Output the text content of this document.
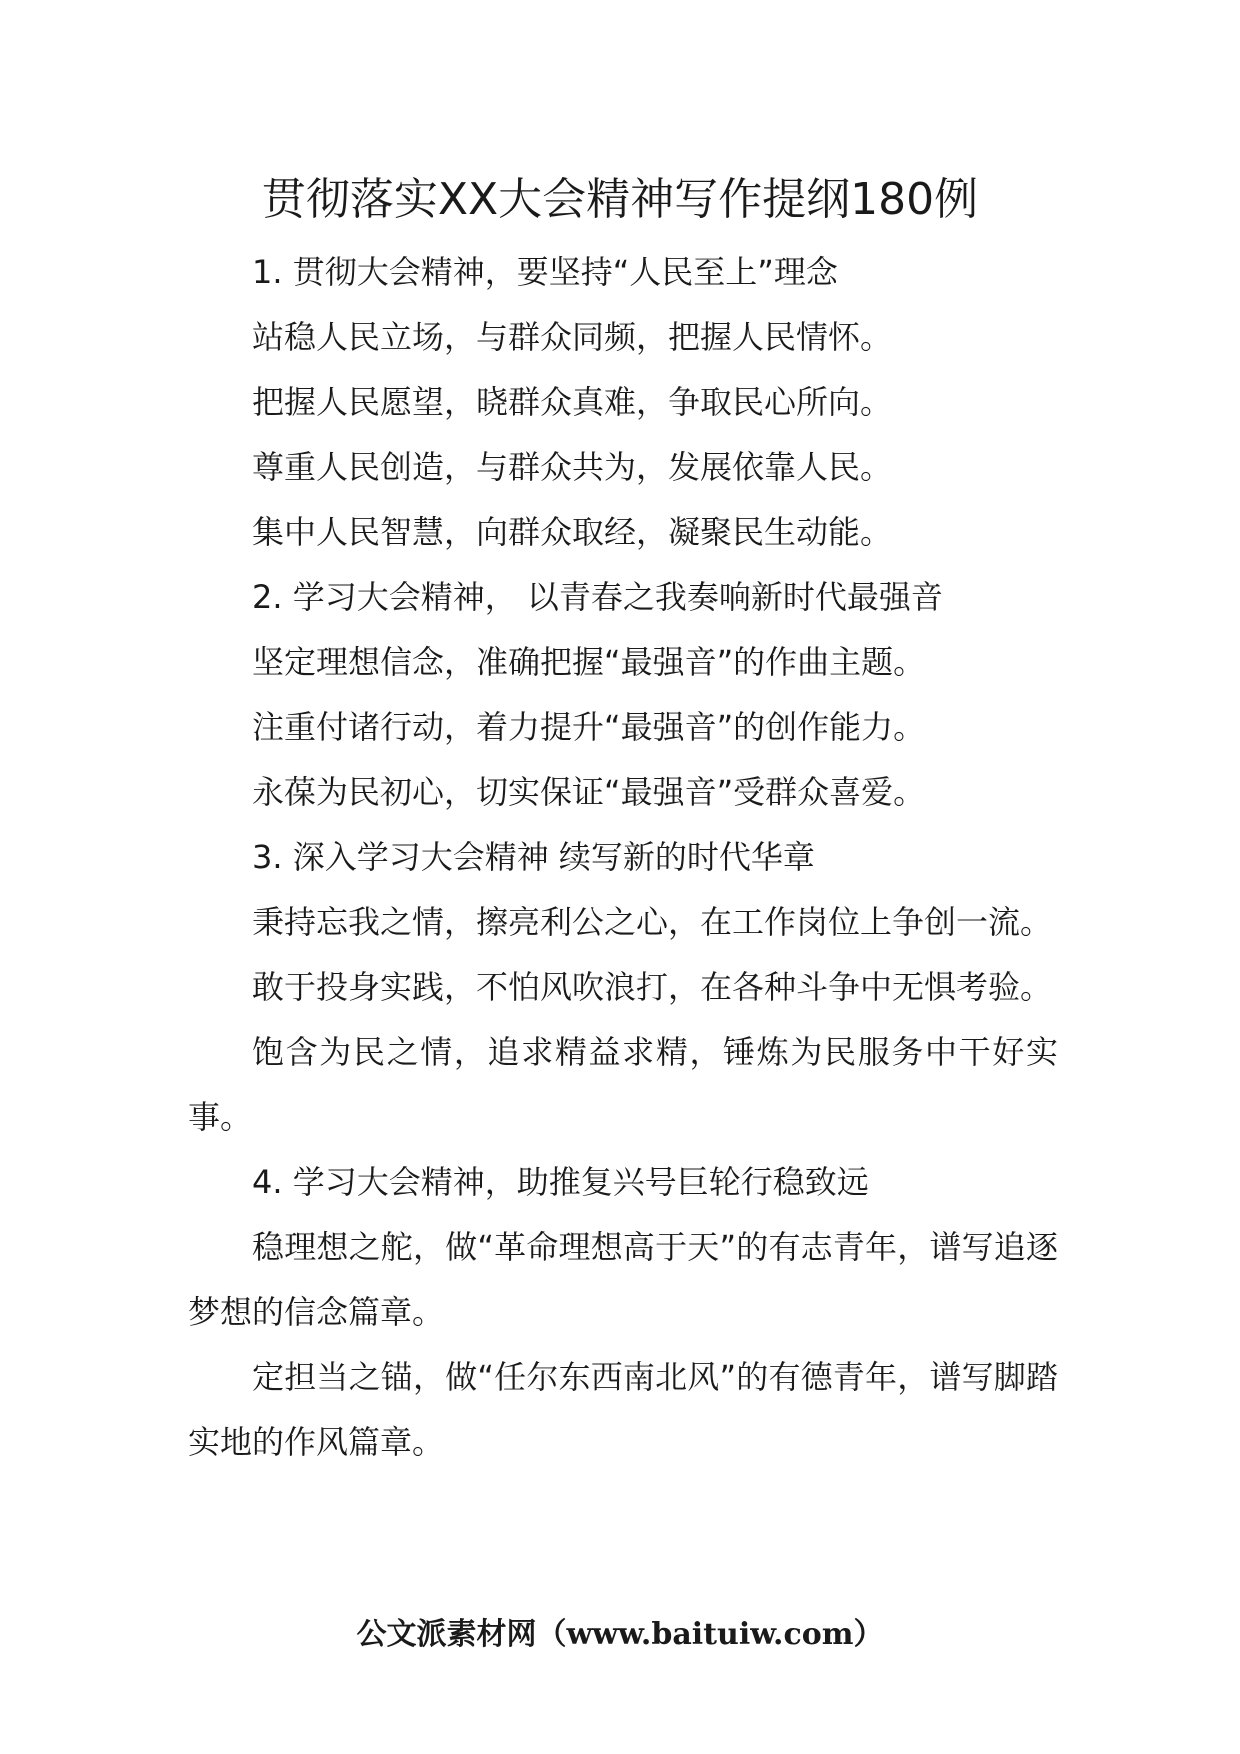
贯彻落实XX大会精神写作提纲180例

1. 贯彻大会精神，要坚持“人民至上”理念

站稳人民立场，与群众同频，把握人民情怀。

把握人民愿望，晓群众真难，争取民心所向。

尊重人民创造，与群众共为，发展依靠人民。

集中人民智慧，向群众取经，凝聚民生动能。

2. 学习大会精神， 以青春之我奏响新时代最强音

坚定理想信念，准确把握“最强音”的作曲主题。

注重付诸行动，着力提升“最强音”的创作能力。

永葆为民初心，切实保证“最强音”受群众喜爱。

3. 深入学习大会精神 续写新的时代华章

秉持忘我之情，擦亮利公之心，在工作岗位上争创一流。

敢于投身实践，不怕风吹浪打，在各种斗争中无惧考验。

饱含为民之情，追求精益求精，锤炼为民服务中干好实事。

4. 学习大会精神，助推复兴号巨轮行稳致远

稳理想之舵，做“革命理想高于天”的有志青年，谱写追逐梦想的信念篇章。

定担当之锚，做“任尔东西南北风”的有德青年，谱写脚踏实地的作风篇章。

公文派素材网（www.baituiw.com）
